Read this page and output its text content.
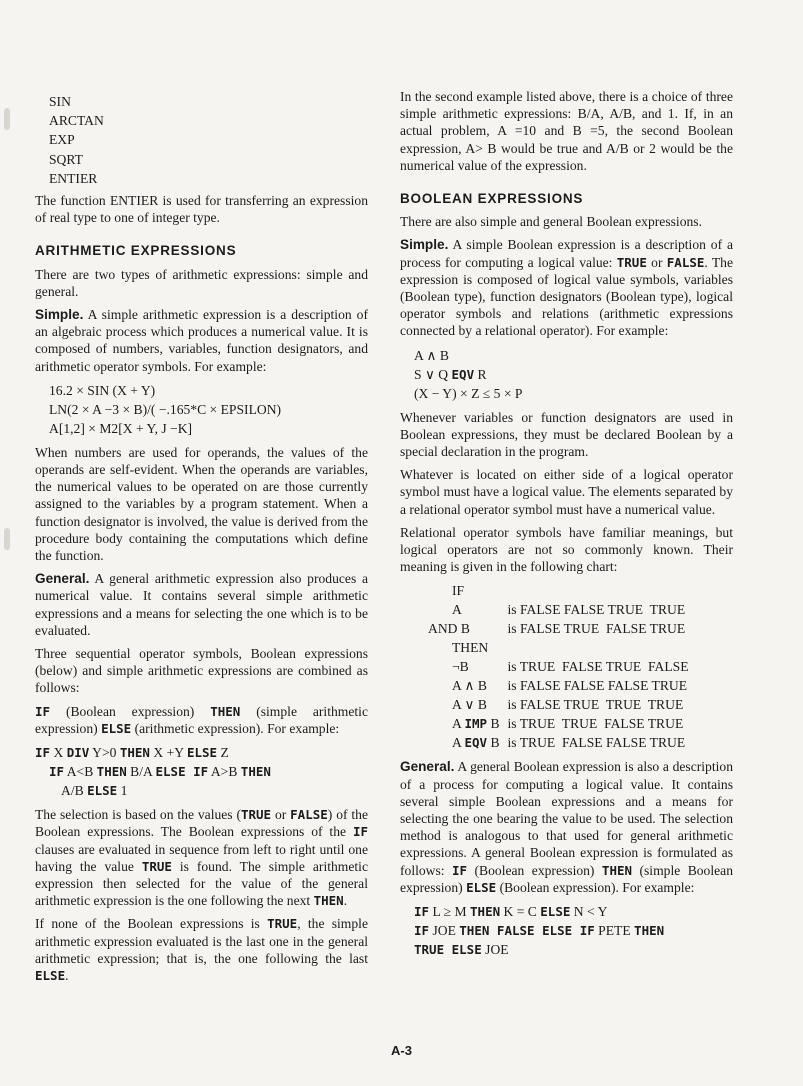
SIN
ARCTAN
EXP
SQRT
ENTIER

The function ENTIER is used for transferring an expression of real type to one of integer type.

ARITHMETIC EXPRESSIONS

There are two types of arithmetic expressions: simple and general.

Simple. A simple arithmetic expression is a description of an algebraic process which produces a numerical value. It is composed of numbers, variables, function designators, and arithmetic operator symbols. For example:

16.2 × SIN (X + Y)
LN(2 × A −3 × B)/( −.165*C × EPSILON)
A[1,2] × M2[X + Y, J −K]

When numbers are used for operands, the values of the operands are self-evident. When the operands are variables, the numerical values to be operated on are those currently assigned to the variables by a program statement. When a function designator is involved, the value is derived from the procedure body containing the computations which define the function.

General. A general arithmetic expression also produces a numerical value. It contains several simple arithmetic expressions and a means for selecting the one which is to be evaluated.

Three sequential operator symbols, Boolean expressions (below) and simple arithmetic expressions are combined as follows:

IF (Boolean expression) THEN (simple arithmetic expression) ELSE (arithmetic expression). For example:

IF X DIV Y>0 THEN X +Y ELSE Z
IF A<B THEN B/A ELSE IF A>B THEN
A/B ELSE 1

The selection is based on the values (TRUE or FALSE) of the Boolean expressions. The Boolean expressions of the IF clauses are evaluated in sequence from left to right until one having the value TRUE is found. The simple arithmetic expression then selected for the value of the general arithmetic expression is the one following the next THEN.

If none of the Boolean expressions is TRUE, the simple arithmetic expression evaluated is the last one in the general arithmetic expression; that is, the one following the last ELSE.

In the second example listed above, there is a choice of three simple arithmetic expressions: B/A, A/B, and 1. If, in an actual problem, A =10 and B =5, the second Boolean expression, A> B would be true and A/B or 2 would be the numerical value of the expression.

BOOLEAN EXPRESSIONS

There are also simple and general Boolean expressions.

Simple. A simple Boolean expression is a description of a process for computing a logical value: TRUE or FALSE. The expression is composed of logical value symbols, variables (Boolean type), function designators (Boolean type), logical operator symbols and relations (arithmetic expressions connected by a relational operator). For example:

A ∧ B
S ∨ Q EQV R
(X − Y) × Z ≤ 5 × P

Whenever variables or function designators are used in Boolean expressions, they must be declared Boolean by a special declaration in the program.

Whatever is located on either side of a logical operator symbol must have a logical value. The elements separated by a relational operator symbol must have a numerical value.

Relational operator symbols have familiar meanings, but logical operators are not so commonly known. Their meaning is given in the following chart:

IF	
A	is FALSE FALSE TRUE  TRUE
AND B	is FALSE TRUE  FALSE TRUE
THEN	
¬B	is TRUE  FALSE TRUE  FALSE
A ∧ B	is FALSE FALSE FALSE TRUE
A ∨ B	is FALSE TRUE  TRUE  TRUE
A IMP B	is TRUE  TRUE  FALSE TRUE
A EQV B	is TRUE  FALSE FALSE TRUE

General. A general Boolean expression is also a description of a process for computing a logical value. It contains several simple Boolean expressions and a means for selecting the one bearing the value to be used. The selection method is analogous to that used for general arithmetic expressions. A general Boolean expression is formulated as follows: IF (Boolean expression) THEN (simple Boolean expression) ELSE (Boolean expression). For example:

IF L ≥ M THEN K = C ELSE N < Y
IF JOE THEN FALSE ELSE IF PETE THEN
TRUE ELSE JOE
A-3
